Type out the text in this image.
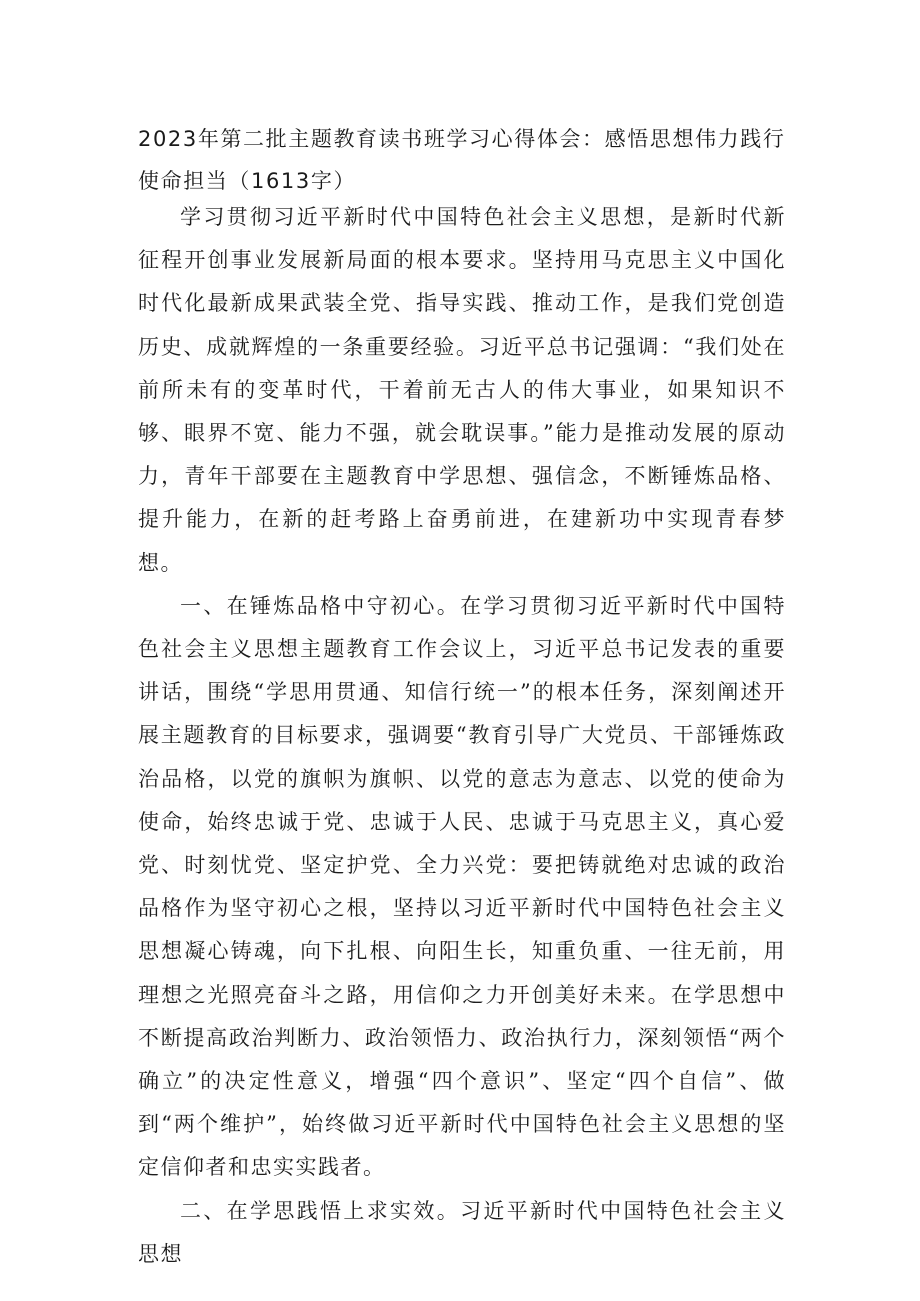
2023年第二批主题教育读书班学习心得体会：感悟思想伟力践行使命担当（1613字）

学习贯彻习近平新时代中国特色社会主义思想，是新时代新征程开创事业发展新局面的根本要求。坚持用马克思主义中国化时代化最新成果武装全党、指导实践、推动工作，是我们党创造历史、成就辉煌的一条重要经验。习近平总书记强调：“我们处在前所未有的变革时代，干着前无古人的伟大事业，如果知识不够、眼界不宽、能力不强，就会耽误事。”能力是推动发展的原动力，青年干部要在主题教育中学思想、强信念，不断锤炼品格、提升能力，在新的赶考路上奋勇前进，在建新功中实现青春梦想。

一、在锤炼品格中守初心。在学习贯彻习近平新时代中国特色社会主义思想主题教育工作会议上，习近平总书记发表的重要讲话，围绕“学思用贯通、知信行统一”的根本任务，深刻阐述开展主题教育的目标要求，强调要“教育引导广大党员、干部锤炼政治品格，以党的旗帜为旗帜、以党的意志为意志、以党的使命为使命，始终忠诚于党、忠诚于人民、忠诚于马克思主义，真心爱党、时刻忧党、坚定护党、全力兴党：要把铸就绝对忠诚的政治品格作为坚守初心之根，坚持以习近平新时代中国特色社会主义思想凝心铸魂，向下扎根、向阳生长，知重负重、一往无前，用理想之光照亮奋斗之路，用信仰之力开创美好未来。在学思想中不断提高政治判断力、政治领悟力、政治执行力，深刻领悟“两个确立”的决定性意义，增强“四个意识”、坚定“四个自信”、做到“两个维护”，始终做习近平新时代中国特色社会主义思想的坚定信仰者和忠实实践者。

二、在学思践悟上求实效。习近平新时代中国特色社会主义思想
